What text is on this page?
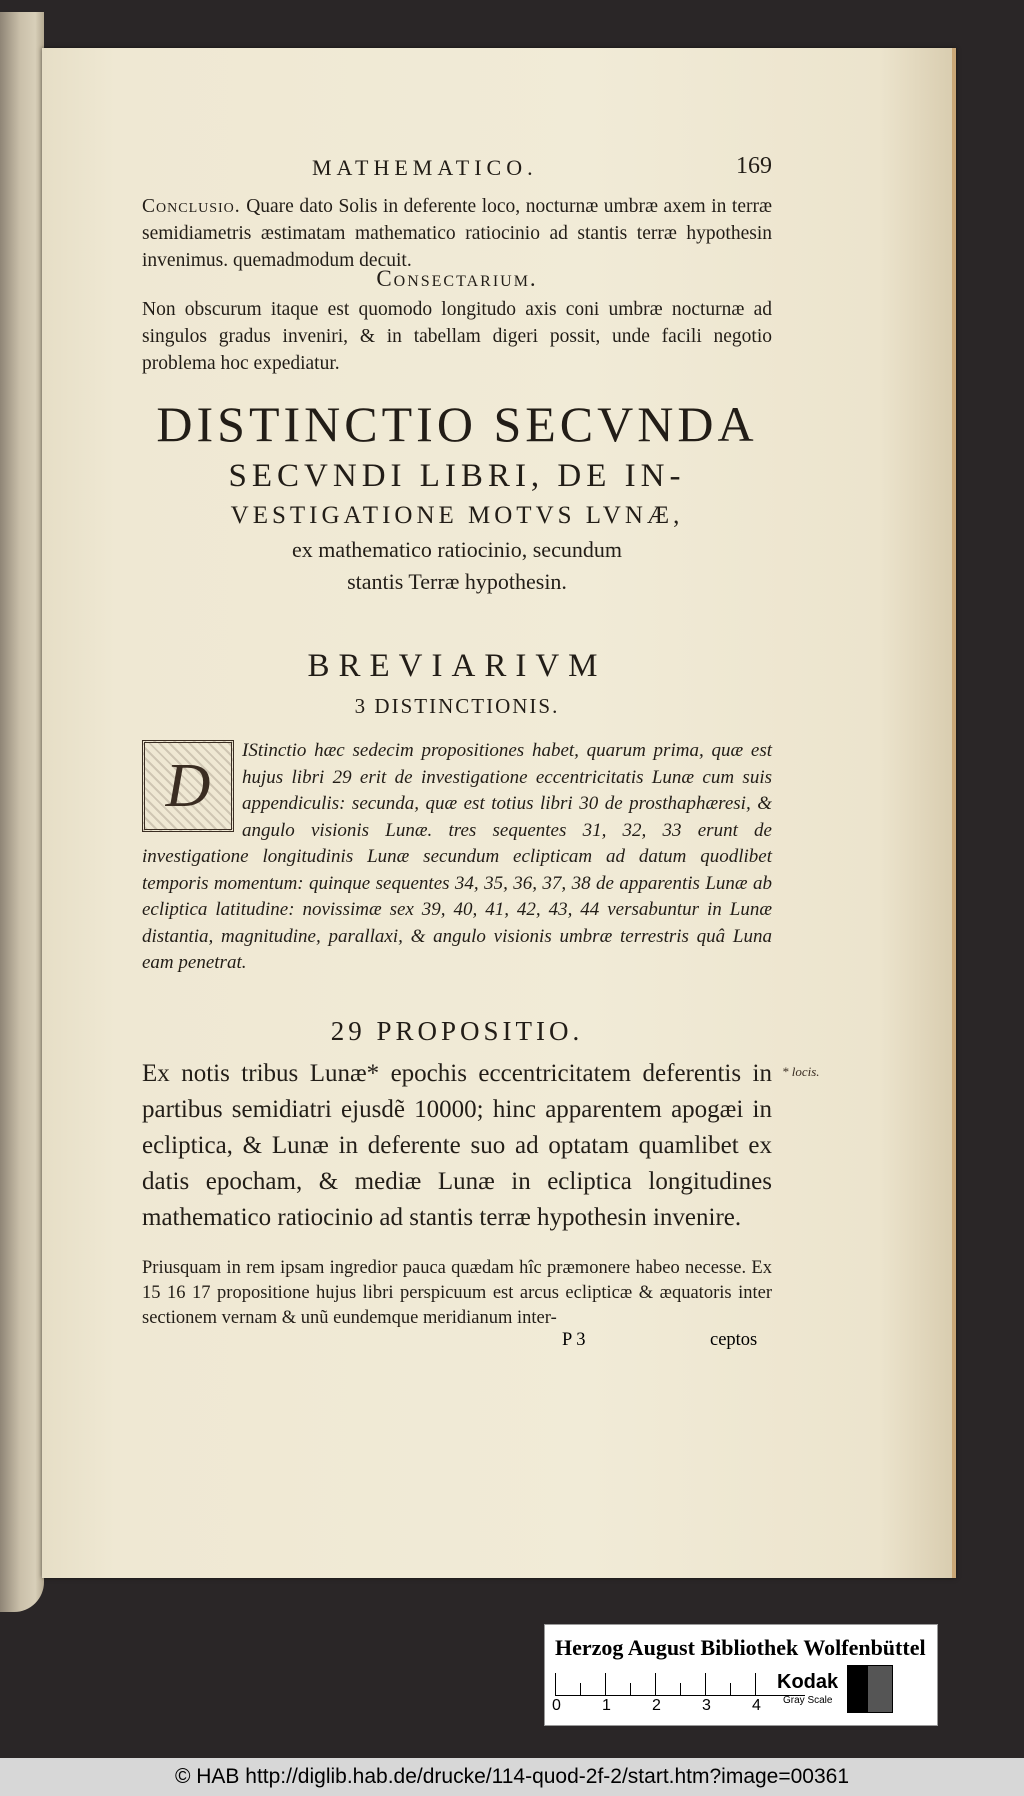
MATHEMATICO.	169
Conclusio. Quare dato Solis in deferente loco, nocturnæ umbræ axem in terræ semidiametris æstimatam mathematico ratiocinio ad stantis terræ hypothesin invenimus. quemadmodum decuit.
Consectarium.
Non obscurum itaque est quomodo longitudo axis coni umbræ nocturnæ ad singulos gradus inveniri, & in tabellam digeri possit, unde facili negotio problema hoc expediatur.
DISTINCTIO SECVNDA
SECVNDI LIBRI, DE IN-
VESTIGATIONE MOTVS LVNÆ,
ex mathematico ratiocinio, secundum
stantis Terræ hypothesin.
BREVIARIVM
3 DISTINCTIONIS.
D
IStinctio hæc sedecim propositiones habet, quarum prima, quæ est hujus libri 29 erit de investigatione eccentricitatis Lunæ cum suis appendiculis: secunda, quæ est totius libri 30 de prosthaphæresi, & angulo visionis Lunæ. tres sequentes 31, 32, 33 erunt de investigatione longitudinis Lunæ secundum eclipticam ad datum quodlibet temporis momentum: quinque sequentes 34, 35, 36, 37, 38 de apparentis Lunæ ab ecliptica latitudine: novissimæ sex 39, 40, 41, 42, 43, 44 versabuntur in Lunæ distantia, magnitudine, parallaxi, & angulo visionis umbræ terrestris quâ Luna eam penetrat.
29 PROPOSITIO.
Ex notis tribus Lunæ* epochis eccentricitatem deferentis in partibus semidiatri ejusdẽ 10000; hinc apparentem apogæi in ecliptica, & Lunæ in deferente suo ad optatam quamlibet ex datis epocham, & mediæ Lunæ in ecliptica longitudines mathematico ratiocinio ad stantis terræ hypothesin invenire.
* locis.
Priusquam in rem ipsam ingredior pauca quædam hîc præmonere habeo necesse. Ex 15 16 17 propositione hujus libri perspicuum est arcus eclipticæ & æquatoris inter sectionem vernam & unũ eundemque meridianum inter-
P 3	ceptos
Herzog August Bibliothek Wolfenbüttel
0	1	2	3	4
Kodak
Gray Scale
© HAB http://diglib.hab.de/drucke/114-quod-2f-2/start.htm?image=00361
